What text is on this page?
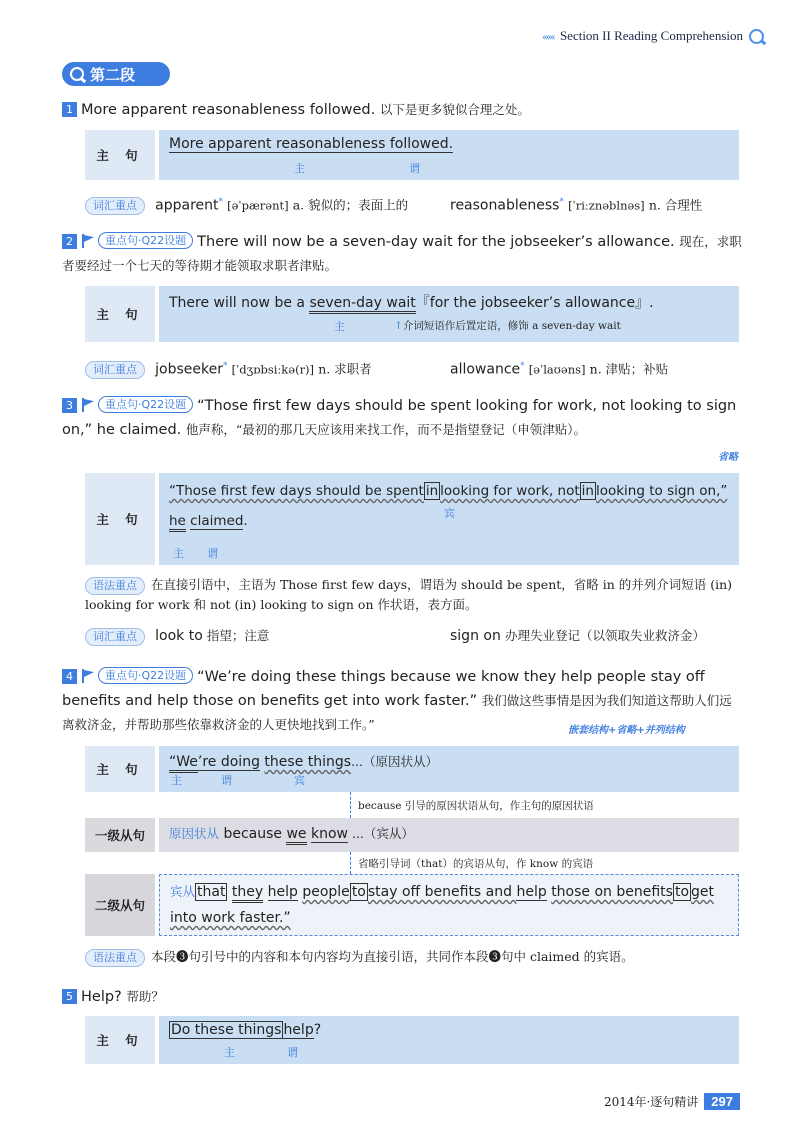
‹‹‹‹‹‹ Section II Reading Comprehension
第二段
1 More apparent reasonableness followed. 以下是更多貌似合理之处。
主 句
More apparent reasonableness followed.
主	谓
词汇重点 apparent* [əˈpærənt] a. 貌似的；表面上的	reasonableness* [ˈriːznəblnəs] n. 合理性
2	重点句·Q22设题 There will now be a seven-day wait for the jobseeker’s allowance. 现在，求职者要经过一个七天的等待期才能领取求职者津贴。
主 句
There will now be a seven-day wait『for the jobseeker’s allowance』.
主	↑介词短语作后置定语，修饰 a seven-day wait
词汇重点 jobseeker* [ˈdʒɒbsiːkə(r)] n. 求职者	allowance* [əˈlaʊəns] n. 津贴；补贴
3	重点句·Q22设题 “Those first few days should be spent looking for work, not looking to sign on,” he claimed. 他声称，“最初的那几天应该用来找工作，而不是指望登记（申领津贴）。
省略
主 句
“Those first few days should be spent in looking for work, not in looking to sign on,”
宾
he claimed.
主 谓
语法重点 在直接引语中，主语为 Those first few days，谓语为 should be spent，省略 in 的并列介词短语 (in) looking for work 和 not (in) looking to sign on 作状语，表方面。
词汇重点 look to 指望；注意	sign on 办理失业登记（以领取失业救济金）
4	重点句·Q22设题 “We’re doing these things because we know they help people stay off benefits and help those on benefits get into work faster.” 我们做这些事情是因为我们知道这帮助人们远离救济金，并帮助那些依靠救济金的人更快地找到工作。”	嵌套结构+省略+并列结构
主 句	“We’re doing these things...（原因状从）
主	谓	宾
because 引导的原因状语从句，作主句的原因状语
一级从句	原因状从 because we know ...（宾从）
省略引导词（that）的宾语从句，作 know 的宾语
二级从句
宾从 that they help people to stay off benefits and help those on benefits to get into work faster.”
语法重点 本段❸句引号中的内容和本句内容均为直接引语，共同作本段❸句中 claimed 的宾语。
5 Help? 帮助？
主 句
Do these things help?
主	谓
2014年·逐句精讲	297
